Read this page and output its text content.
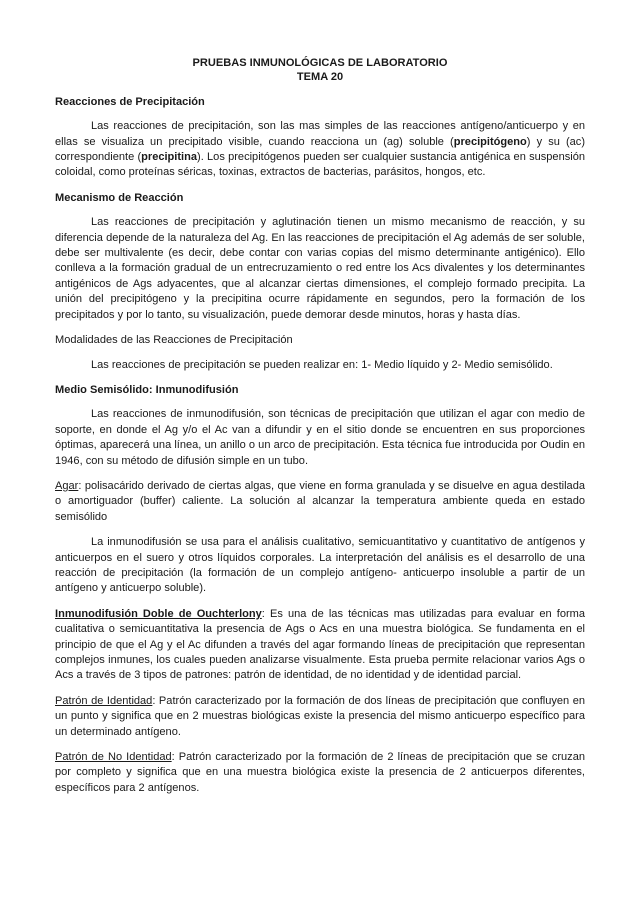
PRUEBAS INMUNOLÓGICAS DE LABORATORIO

TEMA 20

Reacciones de Precipitación

Las reacciones de precipitación, son las mas simples de las reacciones antígeno/anticuerpo y en ellas se visualiza un precipitado visible, cuando reacciona un (ag) soluble (precipitógeno) y su (ac) correspondiente (precipitina). Los precipitógenos pueden ser cualquier sustancia antigénica en suspensión coloidal, como proteínas séricas, toxinas, extractos de bacterias, parásitos, hongos, etc.

Mecanismo de Reacción

Las reacciones de precipitación y aglutinación tienen un mismo mecanismo de reacción, y su diferencia depende de la naturaleza del Ag. En las reacciones de precipitación el Ag además de ser soluble, debe ser multivalente (es decir, debe contar con varias copias del mismo determinante antigénico). Ello conlleva a la formación gradual de un entrecruzamiento o red entre los Acs divalentes y los determinantes antigénicos de Ags adyacentes, que al alcanzar ciertas dimensiones, el complejo formado precipita. La unión del precipitógeno y la precipitina ocurre rápidamente en segundos, pero la formación de los precipitados y por lo tanto, su visualización, puede demorar desde minutos, horas y hasta días.

Modalidades de las Reacciones de Precipitación

Las reacciones de precipitación se pueden realizar en: 1- Medio líquido y 2- Medio semisólido.

Medio Semisólido: Inmunodifusión

Las reacciones de inmunodifusión, son técnicas de precipitación que utilizan el agar con medio de soporte, en donde el Ag y/o el Ac van a difundir y en el sitio donde se encuentren en sus proporciones óptimas, aparecerá una línea, un anillo o un arco de precipitación. Esta técnica fue introducida por Oudin en 1946, con su método de difusión simple en un tubo.

Agar: polisacárido derivado de ciertas algas, que viene en forma granulada y se disuelve en agua destilada o amortiguador (buffer) caliente. La solución al alcanzar la temperatura ambiente queda en estado semisólido

La inmunodifusión se usa para el análisis cualitativo, semicuantitativo y cuantitativo de antígenos y anticuerpos en el suero y otros líquidos corporales. La interpretación del análisis es el desarrollo de una reacción de precipitación (la formación de un complejo antígeno- anticuerpo insoluble a partir de un antígeno y anticuerpo soluble).

Inmunodifusión Doble de Ouchterlony: Es una de las técnicas mas utilizadas para evaluar en forma cualitativa o semicuantitativa la presencia de Ags o Acs en una muestra biológica. Se fundamenta en el principio de que el Ag y el Ac difunden a través del agar formando líneas de precipitación que representan complejos inmunes, los cuales pueden analizarse visualmente. Esta prueba permite relacionar varios Ags o Acs a través de 3 tipos de patrones: patrón de identidad, de no identidad y de identidad parcial.

Patrón de Identidad: Patrón caracterizado por la formación de dos líneas de precipitación que confluyen en un punto y significa que en 2 muestras biológicas existe la presencia del mismo anticuerpo específico para un determinado antígeno.

Patrón de No Identidad: Patrón caracterizado por la formación de 2 líneas de precipitación que se cruzan por completo y significa que en una muestra biológica existe la presencia de 2 anticuerpos diferentes, específicos para 2 antígenos.
